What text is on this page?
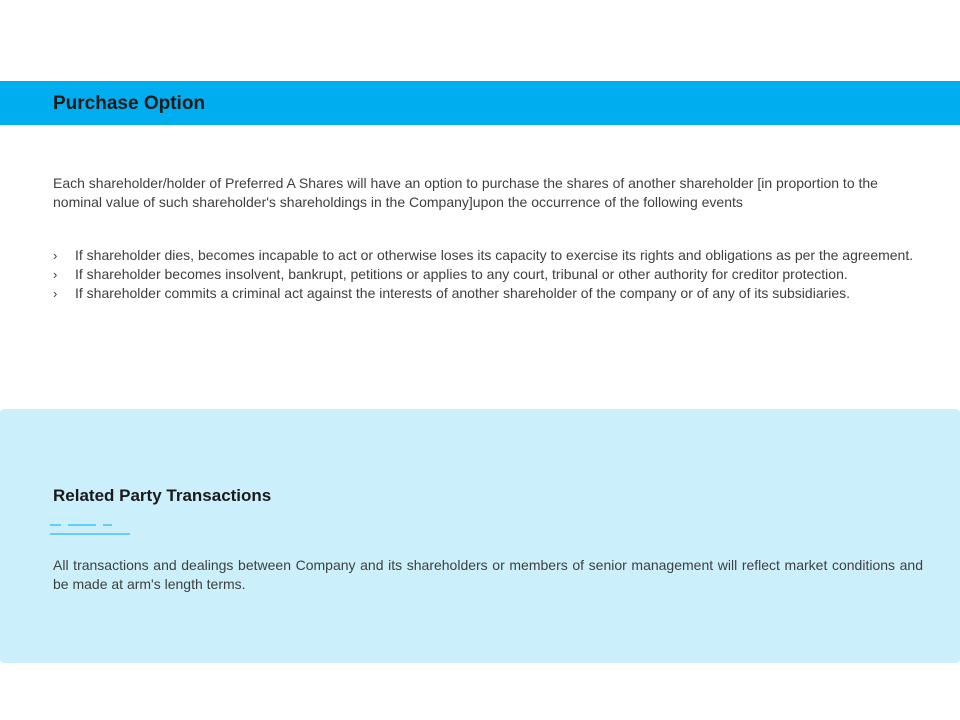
Purchase Option

Each shareholder/holder of Preferred A Shares will have an option to purchase the shares of another shareholder [in proportion to the nominal value of such shareholder's shareholdings in the Company]upon the occurrence of the following events

› If shareholder dies, becomes incapable to act or otherwise loses its capacity to exercise its rights and obligations as per the agreement.
› If shareholder becomes insolvent, bankrupt, petitions or applies to any court, tribunal or other authority for creditor protection.
› If shareholder commits a criminal act against the interests of another shareholder of the company or of any of its subsidiaries.
Related Party Transactions

All transactions and dealings between Company and its shareholders or members of senior management will reflect market conditions and be made at arm's length terms.
